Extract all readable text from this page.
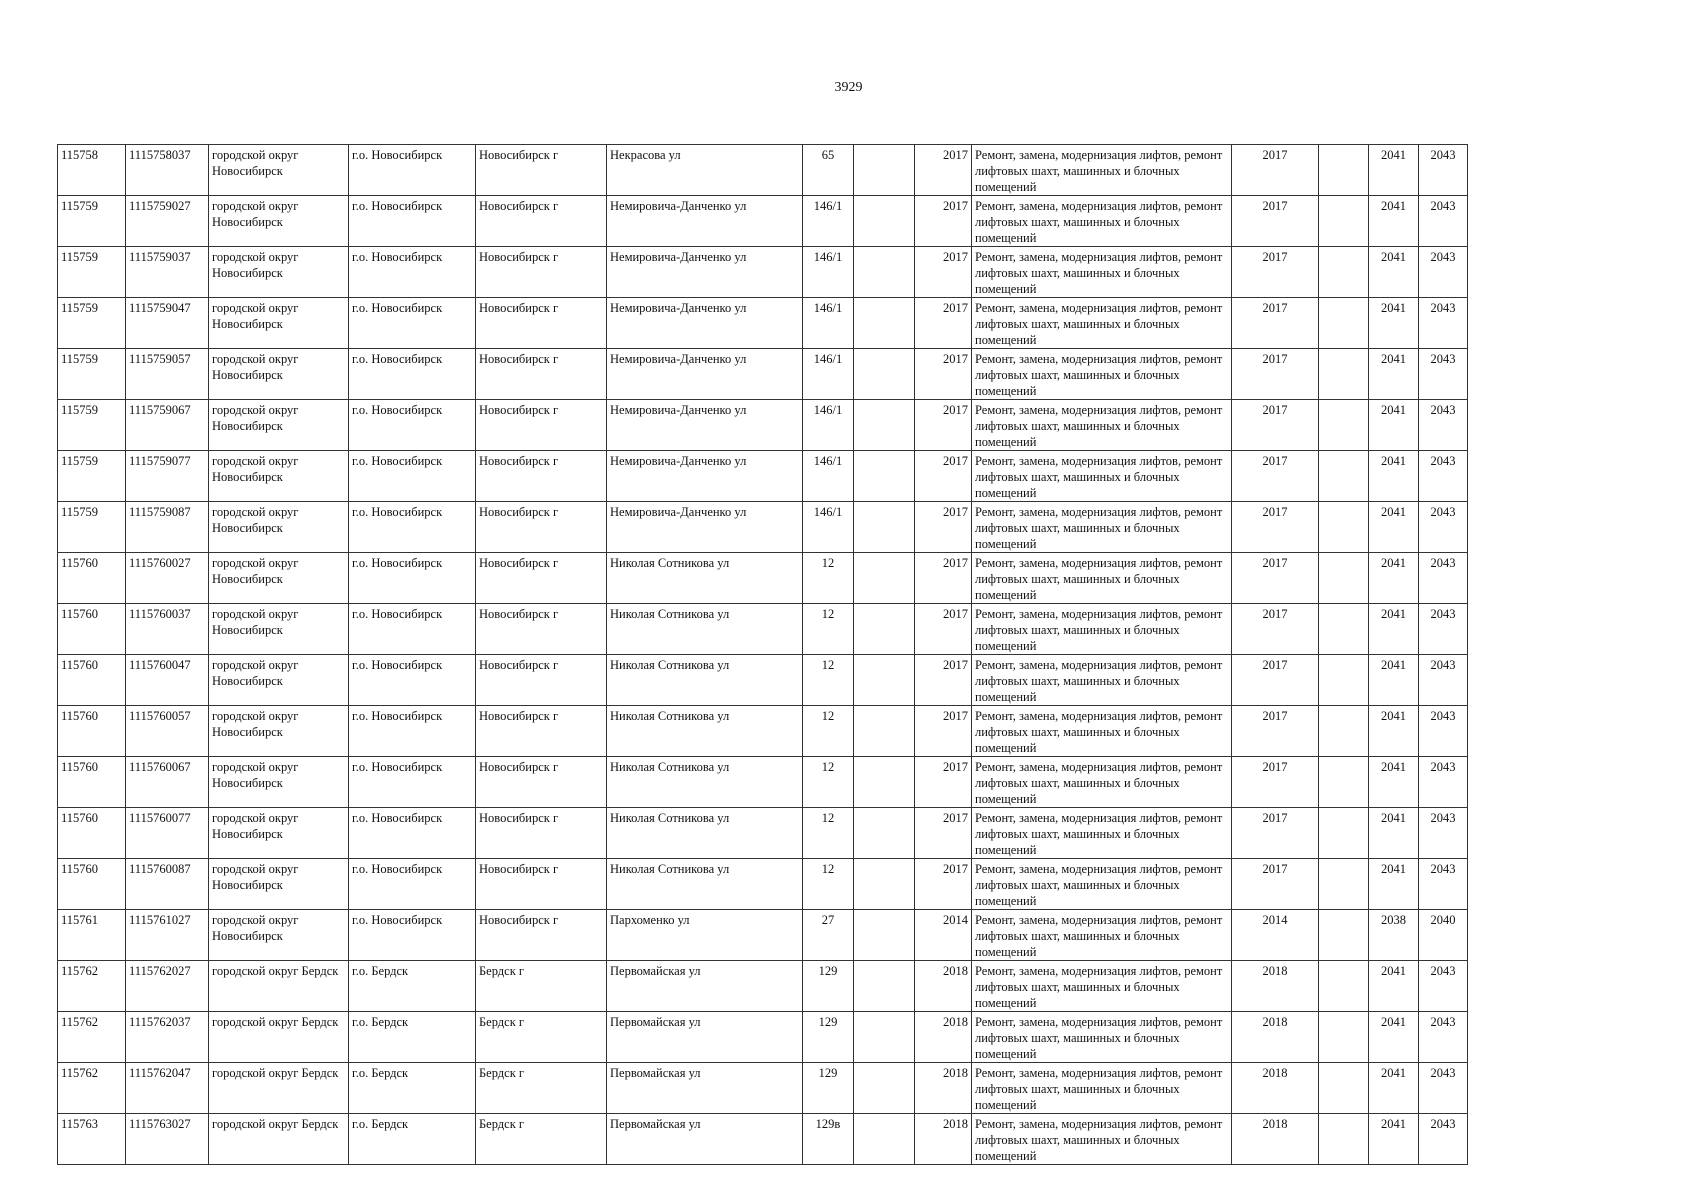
3929
115758	1115758037	городской округ Новосибирск	г.о. Новосибирск	Новосибирск г	Некрасова ул	65		2017	Ремонт, замена, модернизация лифтов, ремонт лифтовых шахт, машинных и блочных помещений	2017		2041	2043
115759	1115759027	городской округ Новосибирск	г.о. Новосибирск	Новосибирск г	Немировича-Данченко ул	146/1		2017	Ремонт, замена, модернизация лифтов, ремонт лифтовых шахт, машинных и блочных помещений	2017		2041	2043
115759	1115759037	городской округ Новосибирск	г.о. Новосибирск	Новосибирск г	Немировича-Данченко ул	146/1		2017	Ремонт, замена, модернизация лифтов, ремонт лифтовых шахт, машинных и блочных помещений	2017		2041	2043
115759	1115759047	городской округ Новосибирск	г.о. Новосибирск	Новосибирск г	Немировича-Данченко ул	146/1		2017	Ремонт, замена, модернизация лифтов, ремонт лифтовых шахт, машинных и блочных помещений	2017		2041	2043
115759	1115759057	городской округ Новосибирск	г.о. Новосибирск	Новосибирск г	Немировича-Данченко ул	146/1		2017	Ремонт, замена, модернизация лифтов, ремонт лифтовых шахт, машинных и блочных помещений	2017		2041	2043
115759	1115759067	городской округ Новосибирск	г.о. Новосибирск	Новосибирск г	Немировича-Данченко ул	146/1		2017	Ремонт, замена, модернизация лифтов, ремонт лифтовых шахт, машинных и блочных помещений	2017		2041	2043
115759	1115759077	городской округ Новосибирск	г.о. Новосибирск	Новосибирск г	Немировича-Данченко ул	146/1		2017	Ремонт, замена, модернизация лифтов, ремонт лифтовых шахт, машинных и блочных помещений	2017		2041	2043
115759	1115759087	городской округ Новосибирск	г.о. Новосибирск	Новосибирск г	Немировича-Данченко ул	146/1		2017	Ремонт, замена, модернизация лифтов, ремонт лифтовых шахт, машинных и блочных помещений	2017		2041	2043
115760	1115760027	городской округ Новосибирск	г.о. Новосибирск	Новосибирск г	Николая Сотникова ул	12		2017	Ремонт, замена, модернизация лифтов, ремонт лифтовых шахт, машинных и блочных помещений	2017		2041	2043
115760	1115760037	городской округ Новосибирск	г.о. Новосибирск	Новосибирск г	Николая Сотникова ул	12		2017	Ремонт, замена, модернизация лифтов, ремонт лифтовых шахт, машинных и блочных помещений	2017		2041	2043
115760	1115760047	городской округ Новосибирск	г.о. Новосибирск	Новосибирск г	Николая Сотникова ул	12		2017	Ремонт, замена, модернизация лифтов, ремонт лифтовых шахт, машинных и блочных помещений	2017		2041	2043
115760	1115760057	городской округ Новосибирск	г.о. Новосибирск	Новосибирск г	Николая Сотникова ул	12		2017	Ремонт, замена, модернизация лифтов, ремонт лифтовых шахт, машинных и блочных помещений	2017		2041	2043
115760	1115760067	городской округ Новосибирск	г.о. Новосибирск	Новосибирск г	Николая Сотникова ул	12		2017	Ремонт, замена, модернизация лифтов, ремонт лифтовых шахт, машинных и блочных помещений	2017		2041	2043
115760	1115760077	городской округ Новосибирск	г.о. Новосибирск	Новосибирск г	Николая Сотникова ул	12		2017	Ремонт, замена, модернизация лифтов, ремонт лифтовых шахт, машинных и блочных помещений	2017		2041	2043
115760	1115760087	городской округ Новосибирск	г.о. Новосибирск	Новосибирск г	Николая Сотникова ул	12		2017	Ремонт, замена, модернизация лифтов, ремонт лифтовых шахт, машинных и блочных помещений	2017		2041	2043
115761	1115761027	городской округ Новосибирск	г.о. Новосибирск	Новосибирск г	Пархоменко ул	27		2014	Ремонт, замена, модернизация лифтов, ремонт лифтовых шахт, машинных и блочных помещений	2014		2038	2040
115762	1115762027	городской округ Бердск	г.о. Бердск	Бердск г	Первомайская ул	129		2018	Ремонт, замена, модернизация лифтов, ремонт лифтовых шахт, машинных и блочных помещений	2018		2041	2043
115762	1115762037	городской округ Бердск	г.о. Бердск	Бердск г	Первомайская ул	129		2018	Ремонт, замена, модернизация лифтов, ремонт лифтовых шахт, машинных и блочных помещений	2018		2041	2043
115762	1115762047	городской округ Бердск	г.о. Бердск	Бердск г	Первомайская ул	129		2018	Ремонт, замена, модернизация лифтов, ремонт лифтовых шахт, машинных и блочных помещений	2018		2041	2043
115763	1115763027	городской округ Бердск	г.о. Бердск	Бердск г	Первомайская ул	129в		2018	Ремонт, замена, модернизация лифтов, ремонт лифтовых шахт, машинных и блочных помещений	2018		2041	2043
